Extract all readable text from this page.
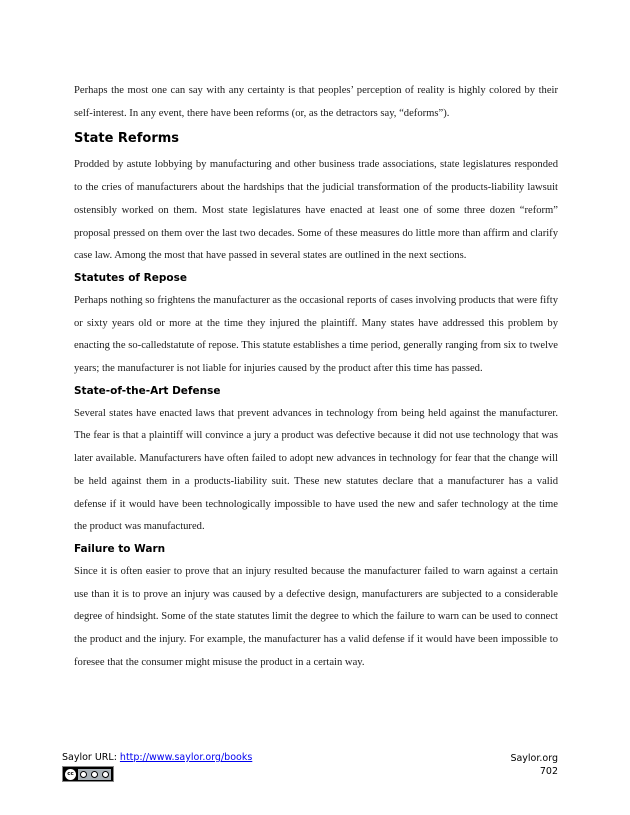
Perhaps the most one can say with any certainty is that peoples’ perception of reality is highly colored by their self-interest. In any event, there have been reforms (or, as the detractors say, “deforms”).

State Reforms

Prodded by astute lobbying by manufacturing and other business trade associations, state legislatures responded to the cries of manufacturers about the hardships that the judicial transformation of the products-liability lawsuit ostensibly worked on them. Most state legislatures have enacted at least one of some three dozen “reform” proposal pressed on them over the last two decades. Some of these measures do little more than affirm and clarify case law. Among the most that have passed in several states are outlined in the next sections.

Statutes of Repose

Perhaps nothing so frightens the manufacturer as the occasional reports of cases involving products that were fifty or sixty years old or more at the time they injured the plaintiff. Many states have addressed this problem by enacting the so-calledstatute of repose. This statute establishes a time period, generally ranging from six to twelve years; the manufacturer is not liable for injuries caused by the product after this time has passed.

State-of-the-Art Defense

Several states have enacted laws that prevent advances in technology from being held against the manufacturer. The fear is that a plaintiff will convince a jury a product was defective because it did not use technology that was later available. Manufacturers have often failed to adopt new advances in technology for fear that the change will be held against them in a products-liability suit. These new statutes declare that a manufacturer has a valid defense if it would have been technologically impossible to have used the new and safer technology at the time the product was manufactured.

Failure to Warn

Since it is often easier to prove that an injury resulted because the manufacturer failed to warn against a certain use than it is to prove an injury was caused by a defective design, manufacturers are subjected to a considerable degree of hindsight. Some of the state statutes limit the degree to which the failure to warn can be used to connect the product and the injury. For example, the manufacturer has a valid defense if it would have been impossible to foresee that the consumer might misuse the product in a certain way.

Saylor URL: http://www.saylor.org/books
cc
Saylor.org
702
